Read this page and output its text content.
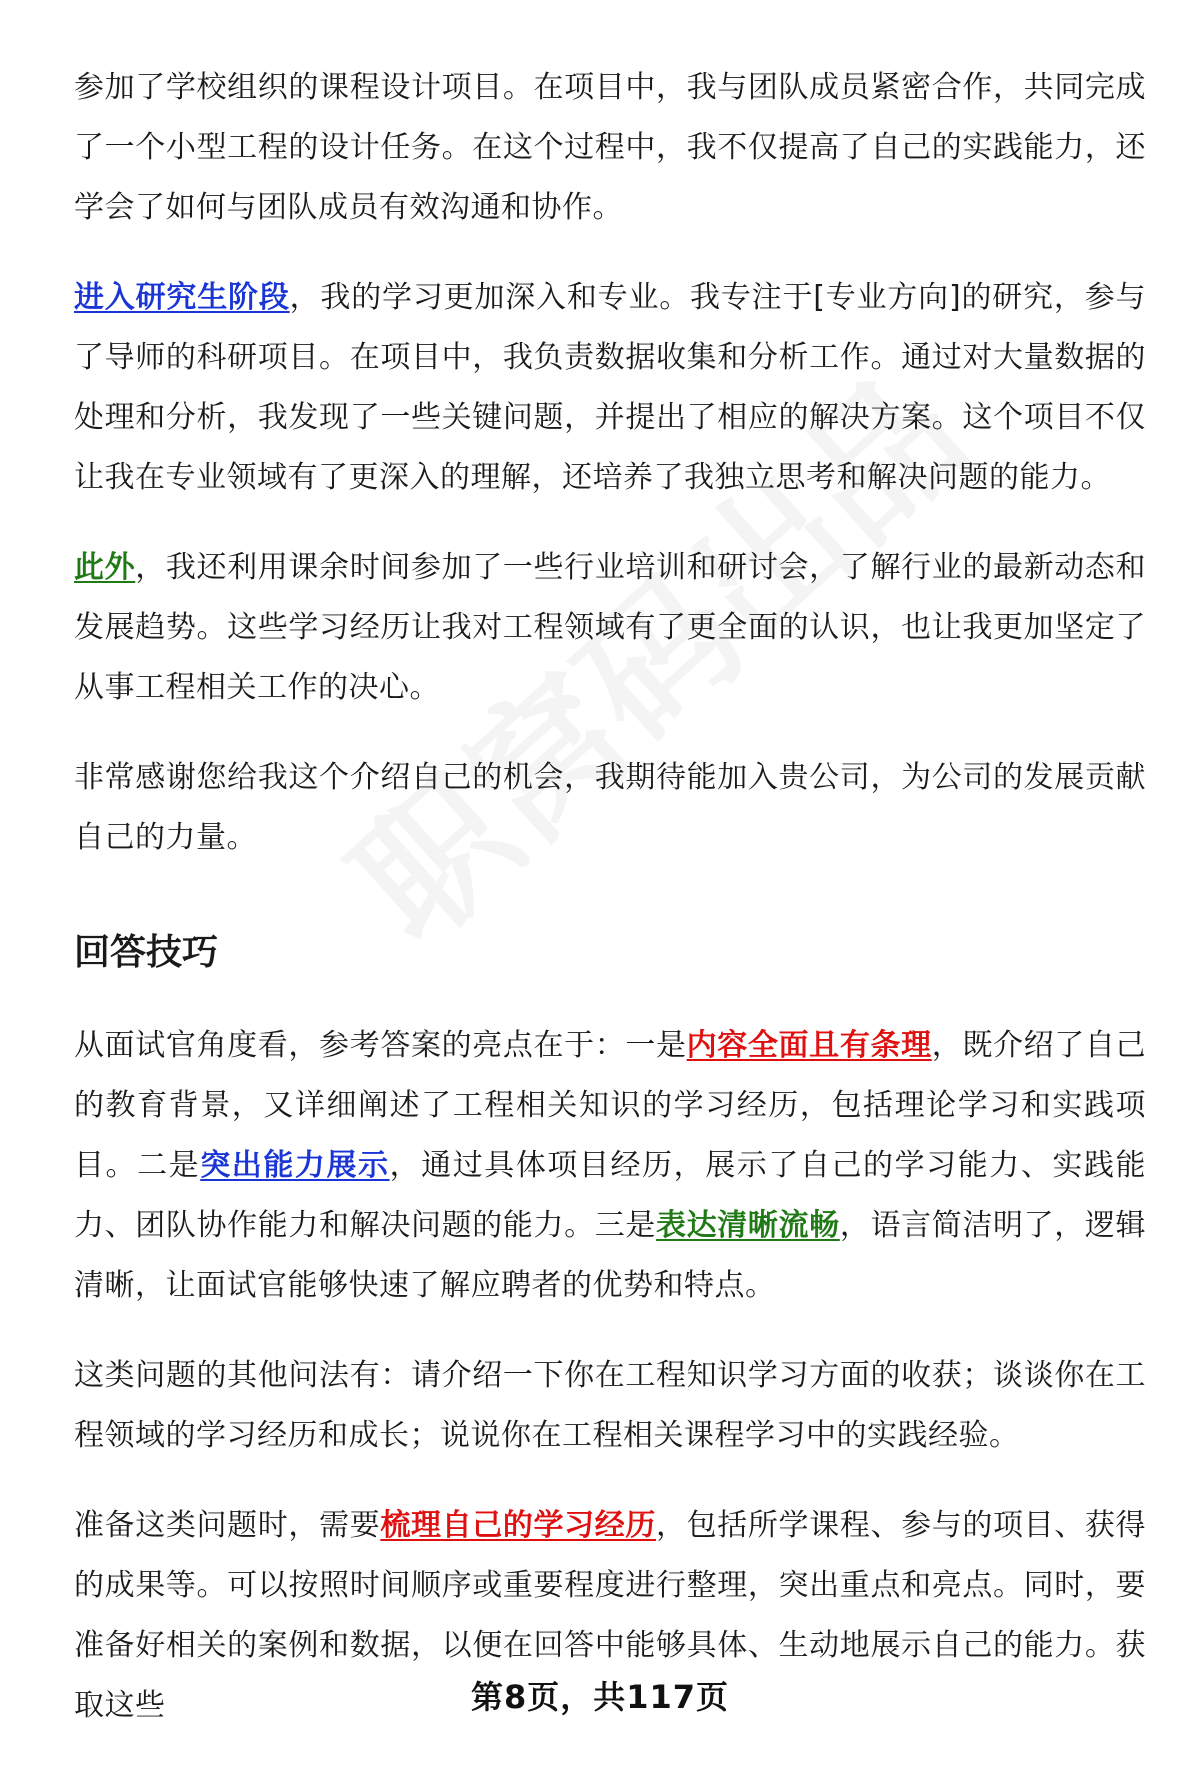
参加了学校组织的课程设计项目。在项目中，我与团队成员紧密合作，共同完成了一个小型工程的设计任务。在这个过程中，我不仅提高了自己的实践能力，还学会了如何与团队成员有效沟通和协作。

进入研究生阶段，我的学习更加深入和专业。我专注于[专业方向]的研究，参与了导师的科研项目。在项目中，我负责数据收集和分析工作。通过对大量数据的处理和分析，我发现了一些关键问题，并提出了相应的解决方案。这个项目不仅让我在专业领域有了更深入的理解，还培养了我独立思考和解决问题的能力。

此外，我还利用课余时间参加了一些行业培训和研讨会，了解行业的最新动态和发展趋势。这些学习经历让我对工程领域有了更全面的认识，也让我更加坚定了从事工程相关工作的决心。

非常感谢您给我这个介绍自己的机会，我期待能加入贵公司，为公司的发展贡献自己的力量。

回答技巧

从面试官角度看，参考答案的亮点在于：一是内容全面且有条理，既介绍了自己的教育背景，又详细阐述了工程相关知识的学习经历，包括理论学习和实践项目。二是突出能力展示，通过具体项目经历，展示了自己的学习能力、实践能力、团队协作能力和解决问题的能力。三是表达清晰流畅，语言简洁明了，逻辑清晰，让面试官能够快速了解应聘者的优势和特点。

这类问题的其他问法有：请介绍一下你在工程知识学习方面的收获；谈谈你在工程领域的学习经历和成长；说说你在工程相关课程学习中的实践经验。

准备这类问题时，需要梳理自己的学习经历，包括所学课程、参与的项目、获得的成果等。可以按照时间顺序或重要程度进行整理，突出重点和亮点。同时，要准备好相关的案例和数据，以便在回答中能够具体、生动地展示自己的能力。获取这些	第8页，共117页
